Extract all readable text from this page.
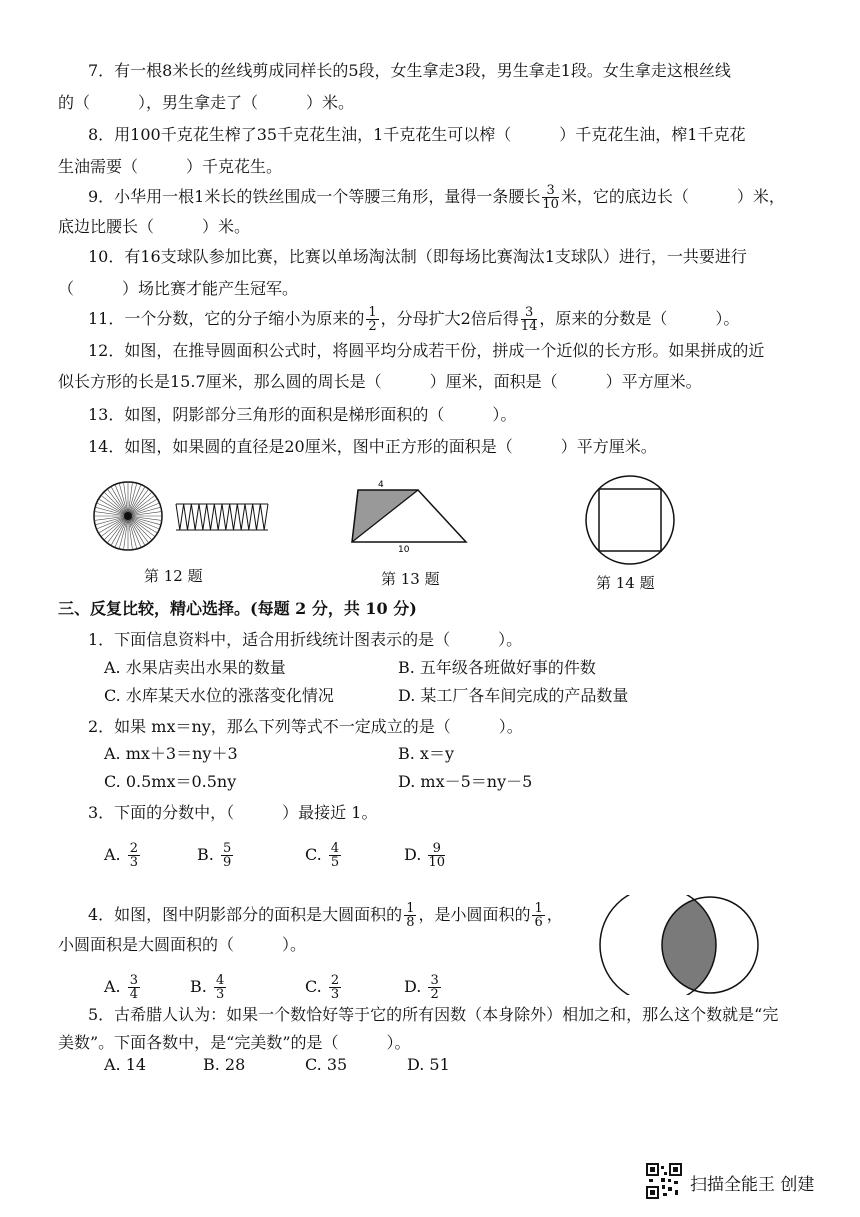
7．有一根8米长的丝线剪成同样长的5段，女生拿走3段，男生拿走1段。女生拿走这根丝线
的（　　　），男生拿走了（　　　）米。
8．用100千克花生榨了35千克花生油，1千克花生可以榨（　　　）千克花生油，榨1千克花
生油需要（　　　）千克花生。
9．小华用一根1米长的铁丝围成一个等腰三角形，量得一条腰长 $\frac{3}{10}$ 米，它的底边长（　　　）米，
底边比腰长（　　　）米。
10．有16支球队参加比赛，比赛以单场淘汰制（即每场比赛淘汰1支球队）进行，一共要进行
（　　　）场比赛才能产生冠军。
11．一个分数，它的分子缩小为原来的 $\frac{1}{2}$ ，分母扩大2倍后得 $\frac{3}{14}$ ，原来的分数是（　　　）。
12．如图，在推导圆面积公式时，将圆平均分成若干份，拼成一个近似的长方形。如果拼成的近
似长方形的长是15.7厘米，那么圆的周长是（　　　）厘米，面积是（　　　）平方厘米。
13．如图，阴影部分三角形的面积是梯形面积的（　　　）。
14．如图，如果圆的直径是20厘米，图中正方形的面积是（　　　）平方厘米。
第 12 题
4
10
第 13 题	第 14 题
三、反复比较，精心选择。(每题 2 分，共 10 分)
1．下面信息资料中，适合用折线统计图表示的是（　　　）。
A. 水果店卖出水果的数量	B. 五年级各班做好事的件数
C. 水库某天水位的涨落变化情况	D. 某工厂各车间完成的产品数量
2．如果 mx＝ny，那么下列等式不一定成立的是（　　　）。
A. mx＋3＝ny＋3	B. x＝y
C. 0.5mx＝0.5ny	D. mx－5＝ny－5
3．下面的分数中，（　　　）最接近 1。
A. $\frac{2}{3}$	B. $\frac{5}{9}$	C. $\frac{4}{5}$	D. $\frac{9}{10}$
4．如图，图中阴影部分的面积是大圆面积的 $\frac{1}{8}$ ，是小圆面积的 $\frac{1}{6}$ ，
小圆面积是大圆面积的（　　　）。
A. $\frac{3}{4}$	B. $\frac{4}{3}$	C. $\frac{2}{3}$	D. $\frac{3}{2}$
5．古希腊人认为：如果一个数恰好等于它的所有因数（本身除外）相加之和，那么这个数就是“完
美数”。下面各数中，是“完美数”的是（　　　）。
A. 14	B. 28	C. 35	D. 51
扫描全能王 创建
